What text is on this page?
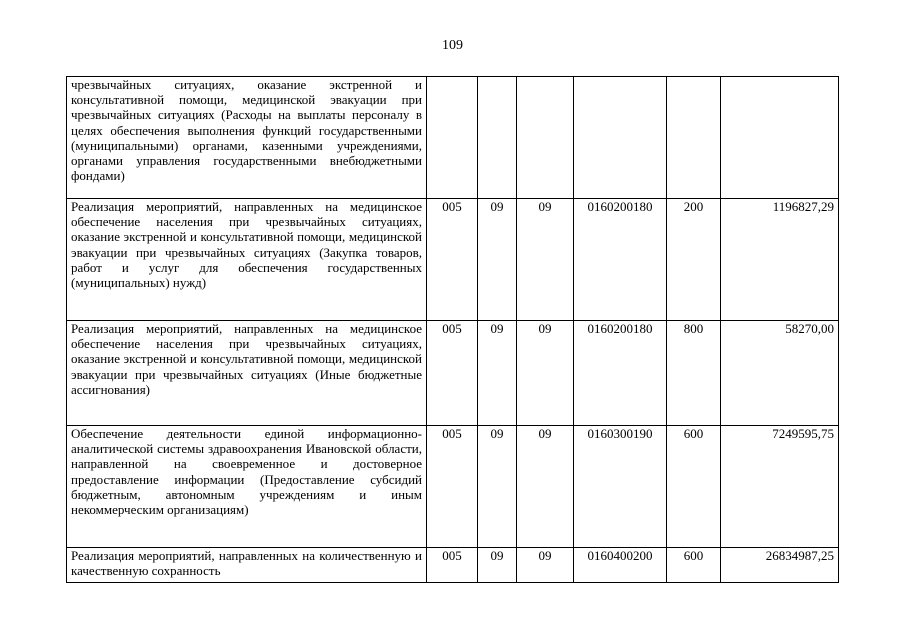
109
чрезвычайных ситуациях, оказание экстренной и консультативной помощи, медицинской эвакуации при чрезвычайных ситуациях (Расходы на выплаты персоналу в целях обеспечения выполнения функций государственными (муниципальными) органами, казенными учреждениями, органами управления государственными внебюджетными фондами)						
Реализация мероприятий, направленных на медицинское обеспечение населения при чрезвычайных ситуациях, оказание экстренной и консультативной помощи, медицинской эвакуации при чрезвычайных ситуациях (Закупка товаров, работ и услуг для обеспечения государственных (муниципальных) нужд)	005	09	09	0160200180	200	1196827,29
Реализация мероприятий, направленных на медицинское обеспечение населения при чрезвычайных ситуациях, оказание экстренной и консультативной помощи, медицинской эвакуации при чрезвычайных ситуациях (Иные бюджетные ассигнования)	005	09	09	0160200180	800	58270,00
Обеспечение деятельности единой информационно-аналитической системы здравоохранения Ивановской области, направленной на своевременное и достоверное предоставление информации (Предоставление субсидий бюджетным, автономным учреждениям и иным некоммерческим организациям)	005	09	09	0160300190	600	7249595,75
Реализация мероприятий, направленных на количественную и качественную сохранность	005	09	09	0160400200	600	26834987,25
